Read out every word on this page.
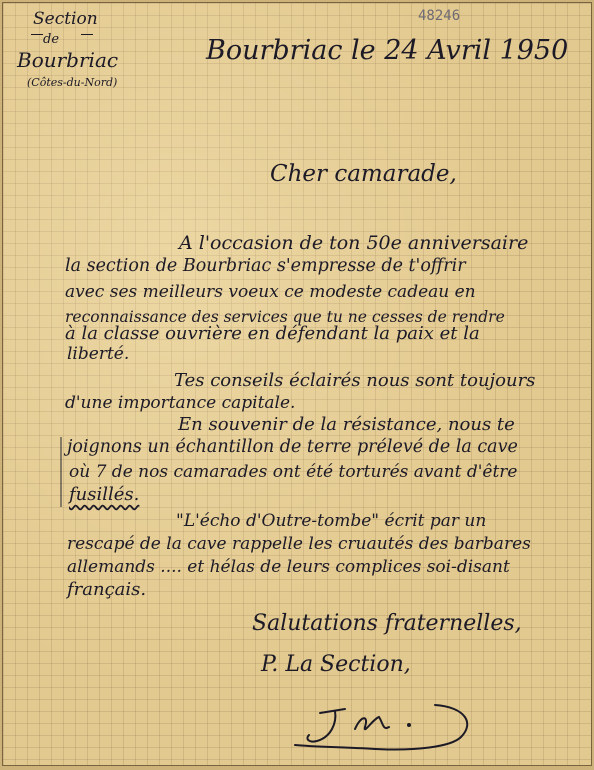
48246
Section
de
Bourbriac
(Côtes-du-Nord)
Bourbriac le 24 Avril 1950
Cher camarade,
A l'occasion de ton 50e anniversaire
la section de Bourbriac s'empresse de t'offrir
avec ses meilleurs voeux ce modeste cadeau en
reconnaissance des services que tu ne cesses de rendre
à la classe ouvrière en défendant la paix et la
liberté.
Tes conseils éclairés nous sont toujours
d'une importance capitale.
En souvenir de la résistance, nous te
joignons un échantillon de terre prélevé de la cave
où 7 de nos camarades ont été torturés avant d'être
fusillés.
"L'écho d'Outre-tombe" écrit par un
rescapé de la cave rappelle les cruautés des barbares
allemands .... et hélas de leurs complices soi-disant
français.
Salutations fraternelles,
P. La Section,
